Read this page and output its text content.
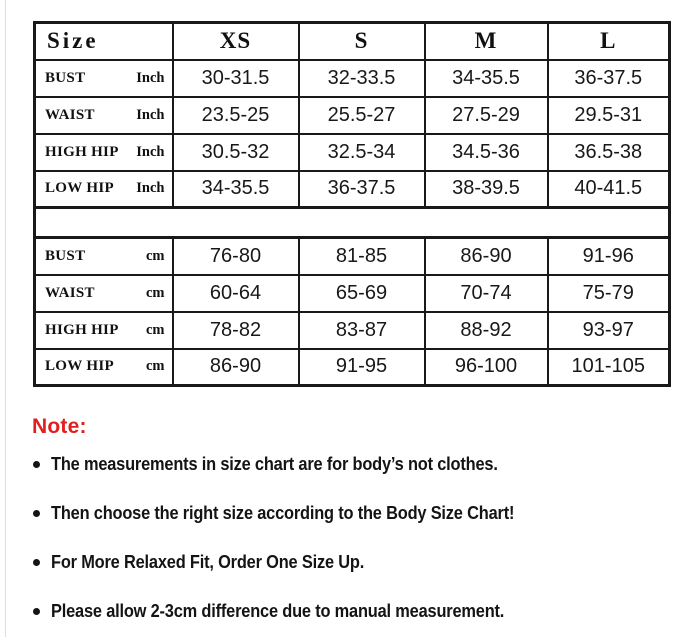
Size	XS	S	M	L

BUST Inch	30-31.5	32-33.5	34-35.5	36-37.5

WAIST Inch	23.5-25	25.5-27	27.5-29	29.5-31

HIGH HIP Inch	30.5-32	32.5-34	34.5-36	36.5-38

LOW HIP Inch	34-35.5	36-37.5	38-39.5	40-41.5

BUST cm	76-80	81-85	86-90	91-96

WAIST cm	60-64	65-69	70-74	75-79

HIGH HIP cm	78-82	83-87	88-92	93-97

LOW HIP cm	86-90	91-95	96-100	101-105
Note:
The measurements in size chart are for body’s not clothes.
Then choose the right size according to the Body Size Chart!
For More Relaxed Fit, Order One Size Up.
Please allow 2-3cm difference due to manual measurement.
